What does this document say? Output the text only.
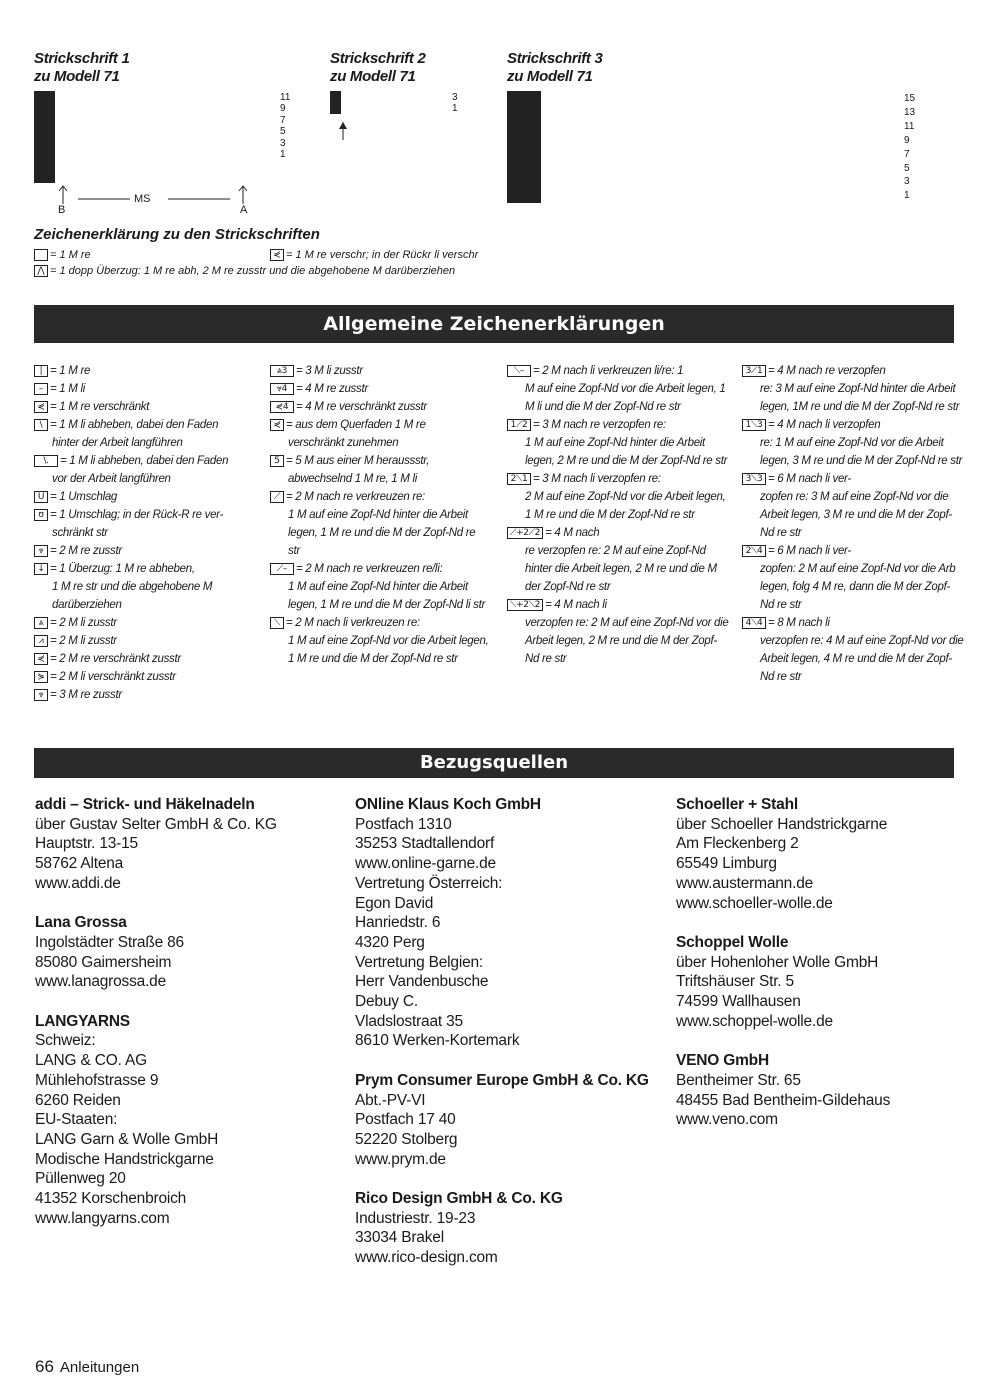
Strickschrift 1
zu Modell 71

11
9
7
5
3
1
B
MS
A
Strickschrift 2
zu Modell 71

3
1
Strickschrift 3
zu Modell 71

15
13
11
9
7
5
3
1
Zeichenerklärung zu den Strickschriften
= 1 M re	⋞ = 1 M re verschr; in der Rückr li verschr
⋀ = 1 dopp Überzug: 1 M re abh, 2 M re zusstr und die abgehobene M darüberziehen
Allgemeine Zeichenerklärungen
| = 1 M re
– = 1 M li
⋞ = 1 M re verschränkt
\ = 1 M li abheben, dabei den Faden
hinter der Arbeit langführen
\. = 1 M li abheben, dabei den Faden
vor der Arbeit langführen
U = 1 Umschlag
ʊ = 1 Umschlag; in der Rück-R re ver-
schränkt str
⩔ = 2 M re zusstr
↓ = 1 Überzug: 1 M re abheben,
1 M re str und die abgehobene M darüberziehen
⩓ = 2 M li zusstr
⩘ = 2 M li zusstr
⋞ = 2 M re verschränkt zusstr
⋟ = 2 M li verschränkt zusstr
⩔ = 3 M re zusstr
⩓3 = 3 M li zusstr
⩔4 = 4 M re zusstr
⋞4 = 4 M re verschränkt zusstr
⋞ = aus dem Querfaden 1 M re
verschränkt zunehmen
5 = 5 M aus einer M heraussstr,
abwechselnd 1 M re, 1 M li
⟋ = 2 M nach re verkreuzen re:
1 M auf eine Zopf-Nd hinter die Arbeit legen, 1 M re und die M der Zopf-Nd re str
⟋– = 2 M nach re verkreuzen re/li:
1 M auf eine Zopf-Nd hinter die Arbeit legen, 1 M re und die M der Zopf-Nd li str
⟍ = 2 M nach li verkreuzen re:
1 M auf eine Zopf-Nd vor die Arbeit legen, 1 M re und die M der Zopf-Nd re str
⟍– = 2 M nach li verkreuzen li/re: 1
M auf eine Zopf-Nd vor die Arbeit legen, 1 M li und die M der Zopf-Nd re str
1⟋2 = 3 M nach re verzopfen re:
1 M auf eine Zopf-Nd hinter die Arbeit legen, 2 M re und die M der Zopf-Nd re str
2⟍1 = 3 M nach li verzopfen re:
2 M auf eine Zopf-Nd vor die Arbeit legen, 1 M re und die M der Zopf-Nd re str
⟋+2⟋2 = 4 M nach
re verzopfen re: 2 M auf eine Zopf-Nd hinter die Arbeit legen, 2 M re und die M der Zopf-Nd re str
⟍+2⟍2 = 4 M nach li
verzopfen re: 2 M auf eine Zopf-Nd vor die Arbeit legen, 2 M re und die M der Zopf-Nd re str
3⟋1 = 4 M nach re verzopfen
re: 3 M auf eine Zopf-Nd hinter die Arbeit legen, 1M re und die M der Zopf-Nd re str
1⟍3 = 4 M nach li verzopfen
re: 1 M auf eine Zopf-Nd vor die Arbeit legen, 3 M re und die M der Zopf-Nd re str
3⟍3 = 6 M nach li ver-
zopfen re: 3 M auf eine Zopf-Nd vor die Arbeit legen, 3 M re und die M der Zopf-Nd re str
2⟍4 = 6 M nach li ver-
zopfen: 2 M auf eine Zopf-Nd vor die Arb legen, folg 4 M re, dann die M der Zopf-Nd re str
4⟍4 = 8 M nach li
verzopfen re: 4 M auf eine Zopf-Nd vor die Arbeit legen, 4 M re und die M der Zopf-Nd re str
Bezugsquellen
addi – Strick- und Häkelnadeln
über Gustav Selter GmbH & Co. KG
Hauptstr. 13-15
58762 Altena
www.addi.de
Lana Grossa
Ingolstädter Straße 86
85080 Gaimersheim
www.lanagrossa.de
LANGYARNS
Schweiz:
LANG & CO. AG
Mühlehofstrasse 9
6260 Reiden
EU-Staaten:
LANG Garn & Wolle GmbH
Modische Handstrickgarne
Püllenweg 20
41352 Korschenbroich
www.langyarns.com
ONline Klaus Koch GmbH
Postfach 1310
35253 Stadtallendorf
www.online-garne.de
Vertretung Österreich:
Egon David
Hanriedstr. 6
4320 Perg
Vertretung Belgien:
Herr Vandenbusche
Debuy C.
Vladslostraat 35
8610 Werken-Kortemark
Prym Consumer Europe GmbH & Co. KG
Abt.-PV-VI
Postfach 17 40
52220 Stolberg
www.prym.de
Rico Design GmbH & Co. KG
Industriestr. 19-23
33034 Brakel
www.rico-design.com
Schoeller + Stahl
über Schoeller Handstrickgarne
Am Fleckenberg 2
65549 Limburg
www.austermann.de
www.schoeller-wolle.de
Schoppel Wolle
über Hohenloher Wolle GmbH
Triftshäuser Str. 5
74599 Wallhausen
www.schoppel-wolle.de
VENO GmbH
Bentheimer Str. 65
48455 Bad Bentheim-Gildehaus
www.veno.com
66 Anleitungen
